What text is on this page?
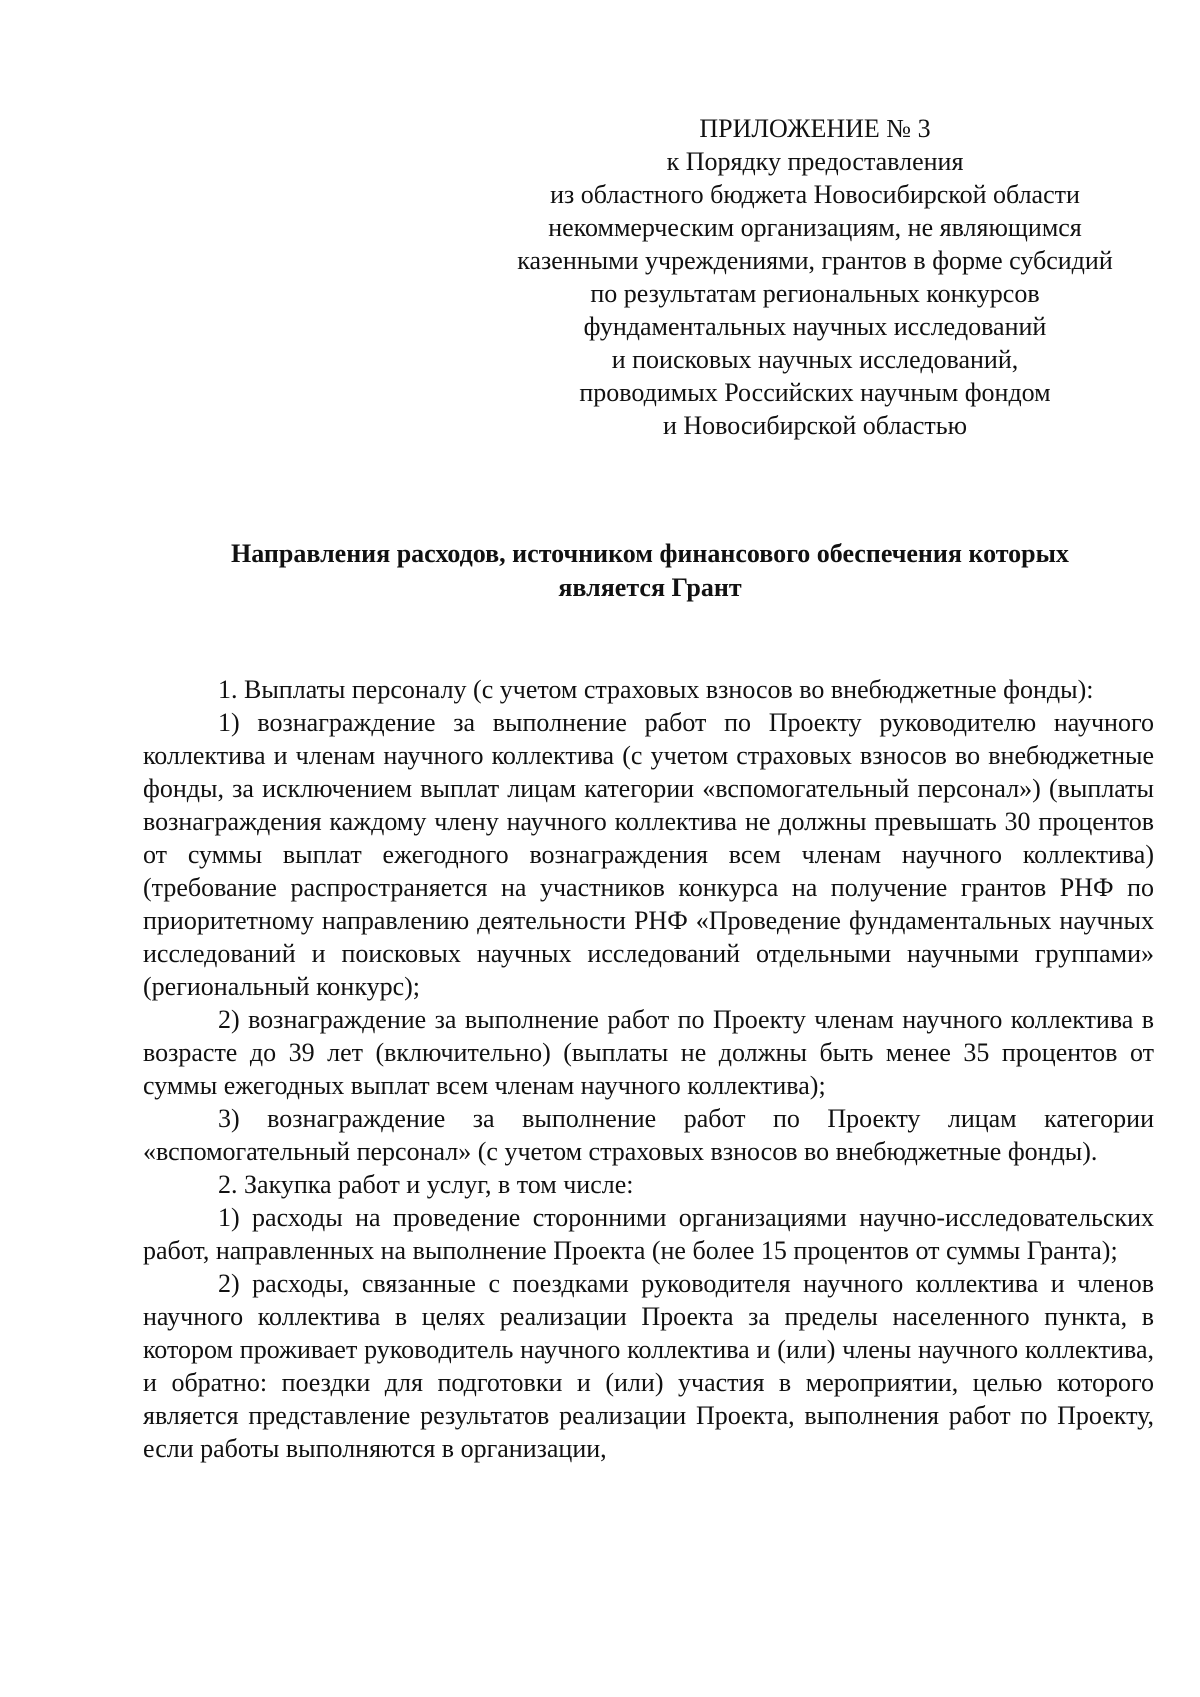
ПРИЛОЖЕНИЕ № 3
к Порядку предоставления
из областного бюджета Новосибирской области
некоммерческим организациям, не являющимся
казенными учреждениями, грантов в форме субсидий
по результатам региональных конкурсов
фундаментальных научных исследований
и поисковых научных исследований,
проводимых Российских научным фондом
и Новосибирской областью
Направления расходов, источником финансового обеспечения которых
является Грант

1. Выплаты персоналу (с учетом страховых взносов во внебюджетные фонды):

1) вознаграждение за выполнение работ по Проекту руководителю научного коллектива и членам научного коллектива (с учетом страховых взносов во внебюджетные фонды, за исключением выплат лицам категории «вспомогательный персонал») (выплаты вознаграждения каждому члену научного коллектива не должны превышать 30 процентов от суммы выплат ежегодного вознаграждения всем членам научного коллектива) (требование распространяется на участников конкурса на получение грантов РНФ по приоритетному направлению деятельности РНФ «Проведение фундаментальных научных исследований и поисковых научных исследований отдельными научными группами» (региональный конкурс);

2) вознаграждение за выполнение работ по Проекту членам научного коллектива в возрасте до 39 лет (включительно) (выплаты не должны быть менее 35 процентов от суммы ежегодных выплат всем членам научного коллектива);

3) вознаграждение за выполнение работ по Проекту лицам категории «вспомогательный персонал» (с учетом страховых взносов во внебюджетные фонды).

2. Закупка работ и услуг, в том числе:

1) расходы на проведение сторонними организациями научно-исследовательских работ, направленных на выполнение Проекта (не более 15 процентов от суммы Гранта);

2) расходы, связанные с поездками руководителя научного коллектива и членов научного коллектива в целях реализации Проекта за пределы населенного пункта, в котором проживает руководитель научного коллектива и (или) члены научного коллектива, и обратно: поездки для подготовки и (или) участия в мероприятии, целью которого является представление результатов реализации Проекта, выполнения работ по Проекту, если работы выполняются в организации,
